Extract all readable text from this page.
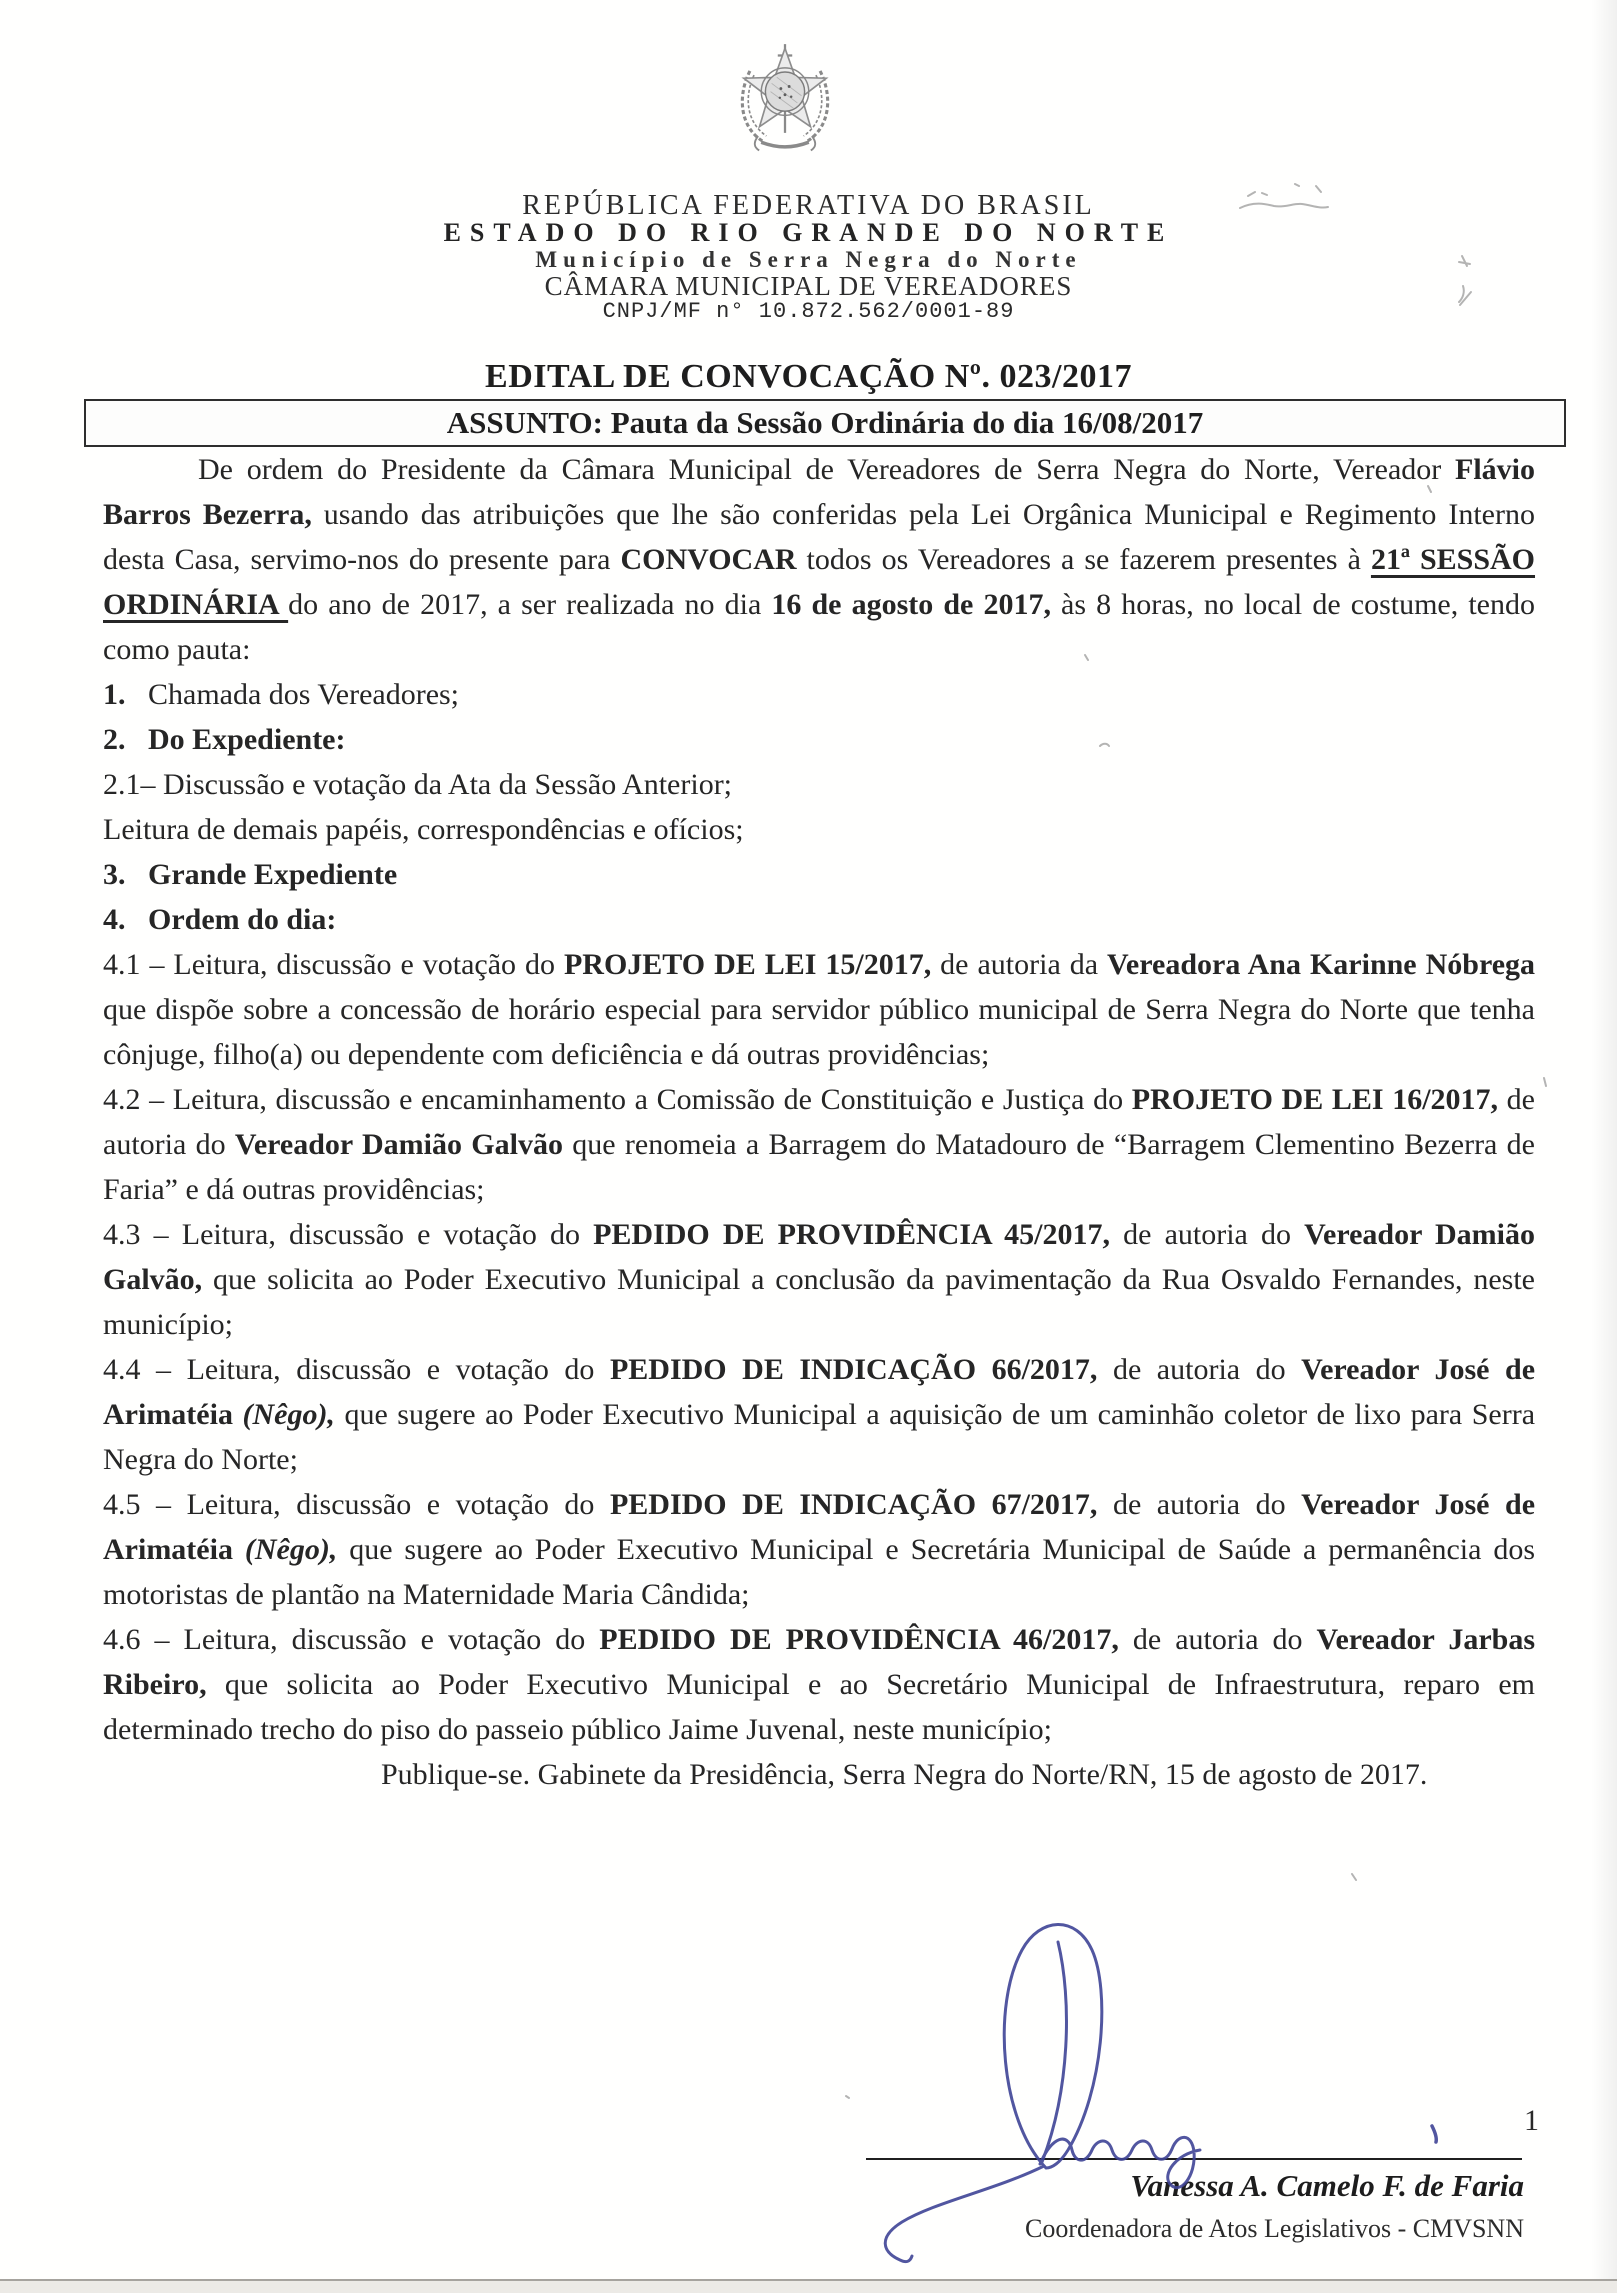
REPÚBLICA FEDERATIVA DO BRASIL
ESTADO DO RIO GRANDE DO NORTE
Município de Serra Negra do Norte
CÂMARA MUNICIPAL DE VEREADORES
CNPJ/MF n° 10.872.562/0001-89
EDITAL DE CONVOCAÇÃO Nº. 023/2017
ASSUNTO: Pauta da Sessão Ordinária do dia 16/08/2017

De ordem do Presidente da Câmara Municipal de Vereadores de Serra Negra do Norte, Vereador Flávio Barros Bezerra, usando das atribuições que lhe são conferidas pela Lei Orgânica Municipal e Regimento Interno desta Casa, servimo-nos do presente para CONVOCAR todos os Vereadores a se fazerem presentes à 21ª SESSÃO ORDINÁRIA do ano de 2017, a ser realizada no dia 16 de agosto de 2017, às 8 horas, no local de costume, tendo como pauta:

1.   Chamada dos Vereadores;

2.   Do Expediente:

2.1– Discussão e votação da Ata da Sessão Anterior;

Leitura de demais papéis, correspondências e ofícios;

3.   Grande Expediente

4.   Ordem do dia:

4.1 – Leitura, discussão e votação do PROJETO DE LEI 15/2017, de autoria da Vereadora Ana Karinne Nóbrega que dispõe sobre a concessão de horário especial para servidor público municipal de Serra Negra do Norte que tenha cônjuge, filho(a) ou dependente com deficiência e dá outras providências;

4.2 – Leitura, discussão e encaminhamento a Comissão de Constituição e Justiça do PROJETO DE LEI 16/2017, de autoria do Vereador Damião Galvão que renomeia a Barragem do Matadouro de “Barragem Clementino Bezerra de Faria” e dá outras providências;

4.3 – Leitura, discussão e votação do PEDIDO DE PROVIDÊNCIA 45/2017, de autoria do Vereador Damião Galvão, que solicita ao Poder Executivo Municipal a conclusão da pavimentação da Rua Osvaldo Fernandes, neste município;

4.4 – Leitura, discussão e votação do PEDIDO DE INDICAÇÃO 66/2017, de autoria do Vereador José de Arimatéia (Nêgo), que sugere ao Poder Executivo Municipal a aquisição de um caminhão coletor de lixo para Serra Negra do Norte;

4.5 – Leitura, discussão e votação do PEDIDO DE INDICAÇÃO 67/2017, de autoria do Vereador José de Arimatéia (Nêgo), que sugere ao Poder Executivo Municipal e Secretária Municipal de Saúde a permanência dos motoristas de plantão na Maternidade Maria Cândida;

4.6 – Leitura, discussão e votação do PEDIDO DE PROVIDÊNCIA 46/2017, de autoria do Vereador Jarbas Ribeiro, que solicita ao Poder Executivo Municipal e ao Secretário Municipal de Infraestrutura, reparo em determinado trecho do piso do passeio público Jaime Juvenal, neste município;

Publique-se. Gabinete da Presidência, Serra Negra do Norte/RN, 15 de agosto de 2017.

Vanessa A. Camelo F. de Faria
Coordenadora de Atos Legislativos - CMVSNN
1
